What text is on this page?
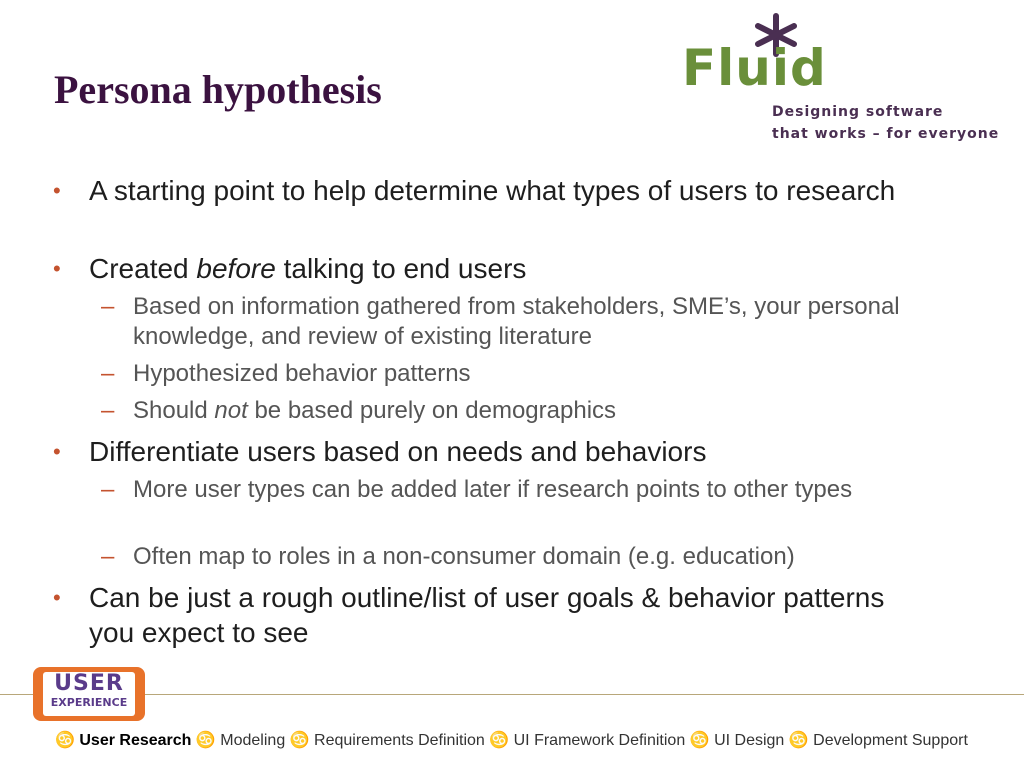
Persona hypothesis	Fluid
Designing software
that works – for everyone
• A starting point to help determine what types of users to research
• Created before talking to end users
– Based on information gathered from stakeholders, SME’s, your personal knowledge, and review of existing literature
– Hypothesized behavior patterns
– Should not be based purely on demographics
• Differentiate users based on needs and behaviors
– More user types can be added later if research points to other types
– Often map to roles in a non-consumer domain (e.g. education)
• Can be just a rough outline/list of user goals & behavior patterns you expect to see
USER
EXPERIENCE
♋ User Research ♋ Modeling ♋ Requirements Definition ♋ UI Framework Definition ♋ UI Design ♋ Development Support
